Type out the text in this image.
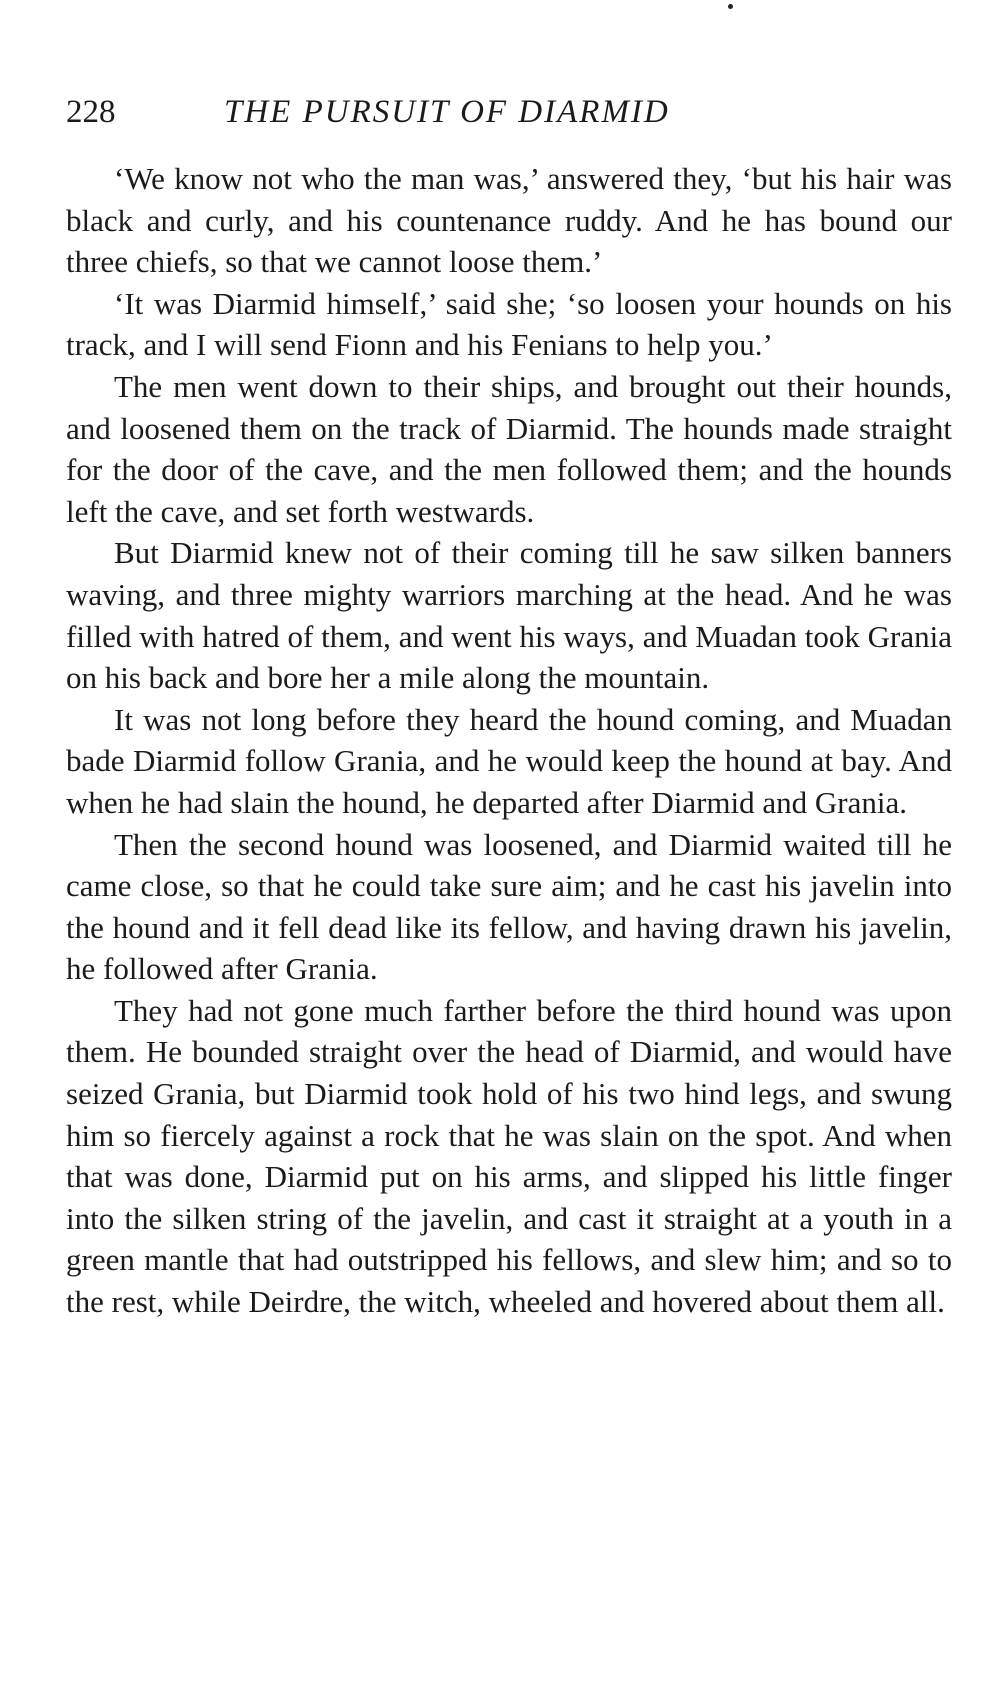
228	THE PURSUIT OF DIARMID

‘We know not who the man was,’ answered they, ‘but his hair was black and curly, and his countenance ruddy. And he has bound our three chiefs, so that we cannot loose them.’

‘It was Diarmid himself,’ said she; ‘so loosen your hounds on his track, and I will send Fionn and his Fenians to help you.’

The men went down to their ships, and brought out their hounds, and loosened them on the track of Diarmid. The hounds made straight for the door of the cave, and the men followed them; and the hounds left the cave, and set forth westwards.

But Diarmid knew not of their coming till he saw silken banners waving, and three mighty warriors marching at the head. And he was filled with hatred of them, and went his ways, and Muadan took Grania on his back and bore her a mile along the mountain.

It was not long before they heard the hound coming, and Muadan bade Diarmid follow Grania, and he would keep the hound at bay. And when he had slain the hound, he departed after Diarmid and Grania.

Then the second hound was loosened, and Diarmid waited till he came close, so that he could take sure aim; and he cast his javelin into the hound and it fell dead like its fellow, and having drawn his javelin, he followed after Grania.

They had not gone much farther before the third hound was upon them. He bounded straight over the head of Diarmid, and would have seized Grania, but Diarmid took hold of his two hind legs, and swung him so fiercely against a rock that he was slain on the spot. And when that was done, Diarmid put on his arms, and slipped his little finger into the silken string of the javelin, and cast it straight at a youth in a green mantle that had outstripped his fellows, and slew him; and so to the rest, while Deirdre, the witch, wheeled and hovered about them all.
